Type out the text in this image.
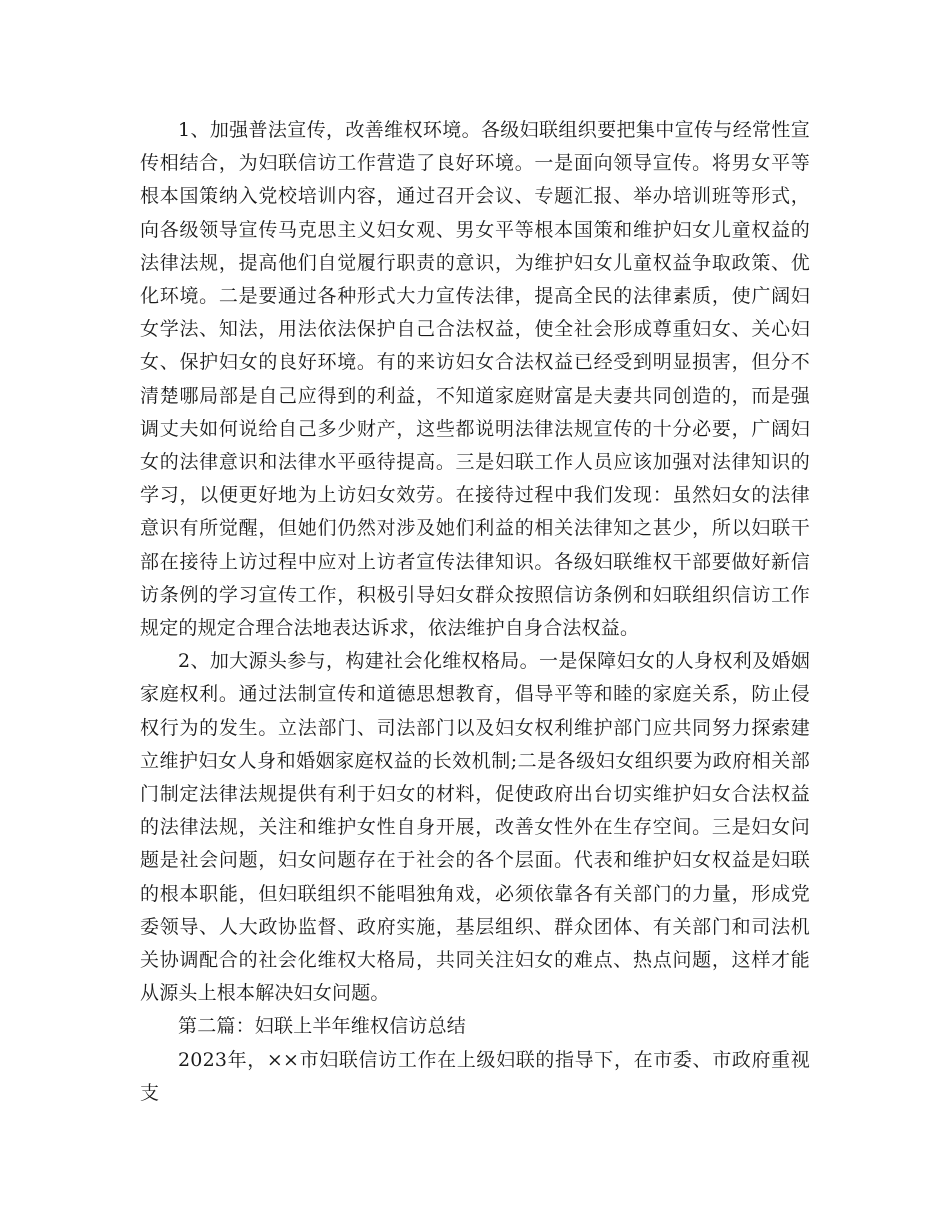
1、加强普法宣传，改善维权环境。各级妇联组织要把集中宣传与经常性宣传相结合，为妇联信访工作营造了良好环境。一是面向领导宣传。将男女平等根本国策纳入党校培训内容，通过召开会议、专题汇报、举办培训班等形式，向各级领导宣传马克思主义妇女观、男女平等根本国策和维护妇女儿童权益的法律法规，提高他们自觉履行职责的意识，为维护妇女儿童权益争取政策、优化环境。二是要通过各种形式大力宣传法律，提高全民的法律素质，使广阔妇女学法、知法，用法依法保护自己合法权益，使全社会形成尊重妇女、关心妇女、保护妇女的良好环境。有的来访妇女合法权益已经受到明显损害，但分不清楚哪局部是自己应得到的利益，不知道家庭财富是夫妻共同创造的，而是强调丈夫如何说给自己多少财产，这些都说明法律法规宣传的十分必要，广阔妇女的法律意识和法律水平亟待提高。三是妇联工作人员应该加强对法律知识的学习，以便更好地为上访妇女效劳。在接待过程中我们发现：虽然妇女的法律意识有所觉醒，但她们仍然对涉及她们利益的相关法律知之甚少，所以妇联干部在接待上访过程中应对上访者宣传法律知识。各级妇联维权干部要做好新信访条例的学习宣传工作，积极引导妇女群众按照信访条例和妇联组织信访工作规定的规定合理合法地表达诉求，依法维护自身合法权益。

2、加大源头参与，构建社会化维权格局。一是保障妇女的人身权利及婚姻家庭权利。通过法制宣传和道德思想教育，倡导平等和睦的家庭关系，防止侵权行为的发生。立法部门、司法部门以及妇女权利维护部门应共同努力探索建立维护妇女人身和婚姻家庭权益的长效机制;二是各级妇女组织要为政府相关部门制定法律法规提供有利于妇女的材料，促使政府出台切实维护妇女合法权益的法律法规，关注和维护女性自身开展，改善女性外在生存空间。三是妇女问题是社会问题，妇女问题存在于社会的各个层面。代表和维护妇女权益是妇联的根本职能，但妇联组织不能唱独角戏，必须依靠各有关部门的力量，形成党委领导、人大政协监督、政府实施，基层组织、群众团体、有关部门和司法机关协调配合的社会化维权大格局，共同关注妇女的难点、热点问题，这样才能从源头上根本解决妇女问题。

第二篇：妇联上半年维权信访总结

2023年，××市妇联信访工作在上级妇联的指导下，在市委、市政府重视支
